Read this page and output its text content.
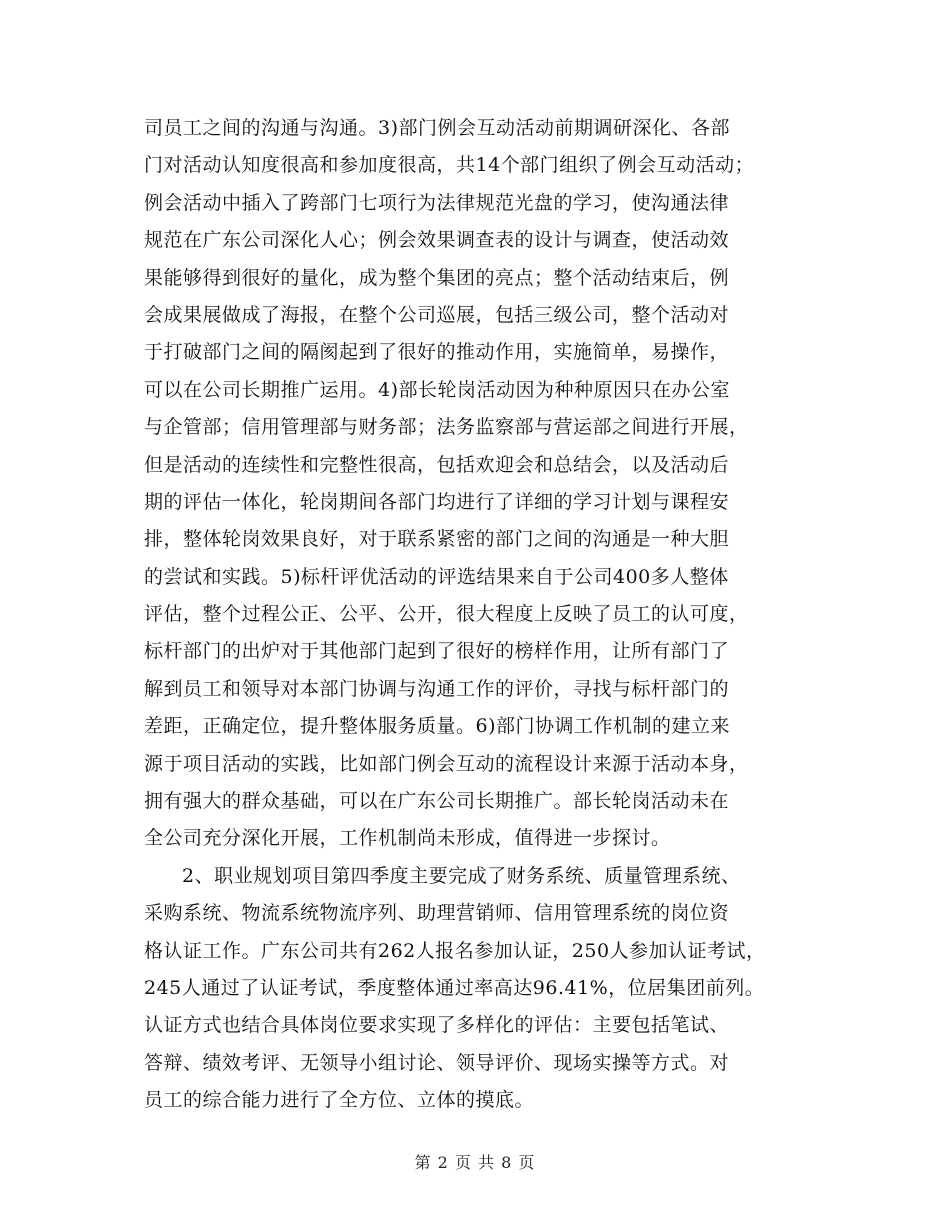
司员工之间的沟通与沟通。3)部门例会互动活动前期调研深化、各部
门对活动认知度很高和参加度很高，共14个部门组织了例会互动活动；
例会活动中插入了跨部门七项行为法律规范光盘的学习，使沟通法律
规范在广东公司深化人心；例会效果调查表的设计与调查，使活动效
果能够得到很好的量化，成为整个集团的亮点；整个活动结束后，例
会成果展做成了海报，在整个公司巡展，包括三级公司，整个活动对
于打破部门之间的隔阂起到了很好的推动作用，实施简单，易操作，
可以在公司长期推广运用。4)部长轮岗活动因为种种原因只在办公室
与企管部；信用管理部与财务部；法务监察部与营运部之间进行开展，
但是活动的连续性和完整性很高，包括欢迎会和总结会，以及活动后
期的评估一体化，轮岗期间各部门均进行了详细的学习计划与课程安
排，整体轮岗效果良好，对于联系紧密的部门之间的沟通是一种大胆
的尝试和实践。5)标杆评优活动的评选结果来自于公司400多人整体
评估，整个过程公正、公平、公开，很大程度上反映了员工的认可度，
标杆部门的出炉对于其他部门起到了很好的榜样作用，让所有部门了
解到员工和领导对本部门协调与沟通工作的评价，寻找与标杆部门的
差距，正确定位，提升整体服务质量。6)部门协调工作机制的建立来
源于项目活动的实践，比如部门例会互动的流程设计来源于活动本身，
拥有强大的群众基础，可以在广东公司长期推广。部长轮岗活动未在
全公司充分深化开展，工作机制尚未形成，值得进一步探讨。
2、职业规划项目第四季度主要完成了财务系统、质量管理系统、
采购系统、物流系统物流序列、助理营销师、信用管理系统的岗位资
格认证工作。广东公司共有262人报名参加认证，250人参加认证考试，
245人通过了认证考试，季度整体通过率高达96.41%，位居集团前列。
认证方式也结合具体岗位要求实现了多样化的评估：主要包括笔试、
答辩、绩效考评、无领导小组讨论、领导评价、现场实操等方式。对
员工的综合能力进行了全方位、立体的摸底。
第 2 页 共 8 页
